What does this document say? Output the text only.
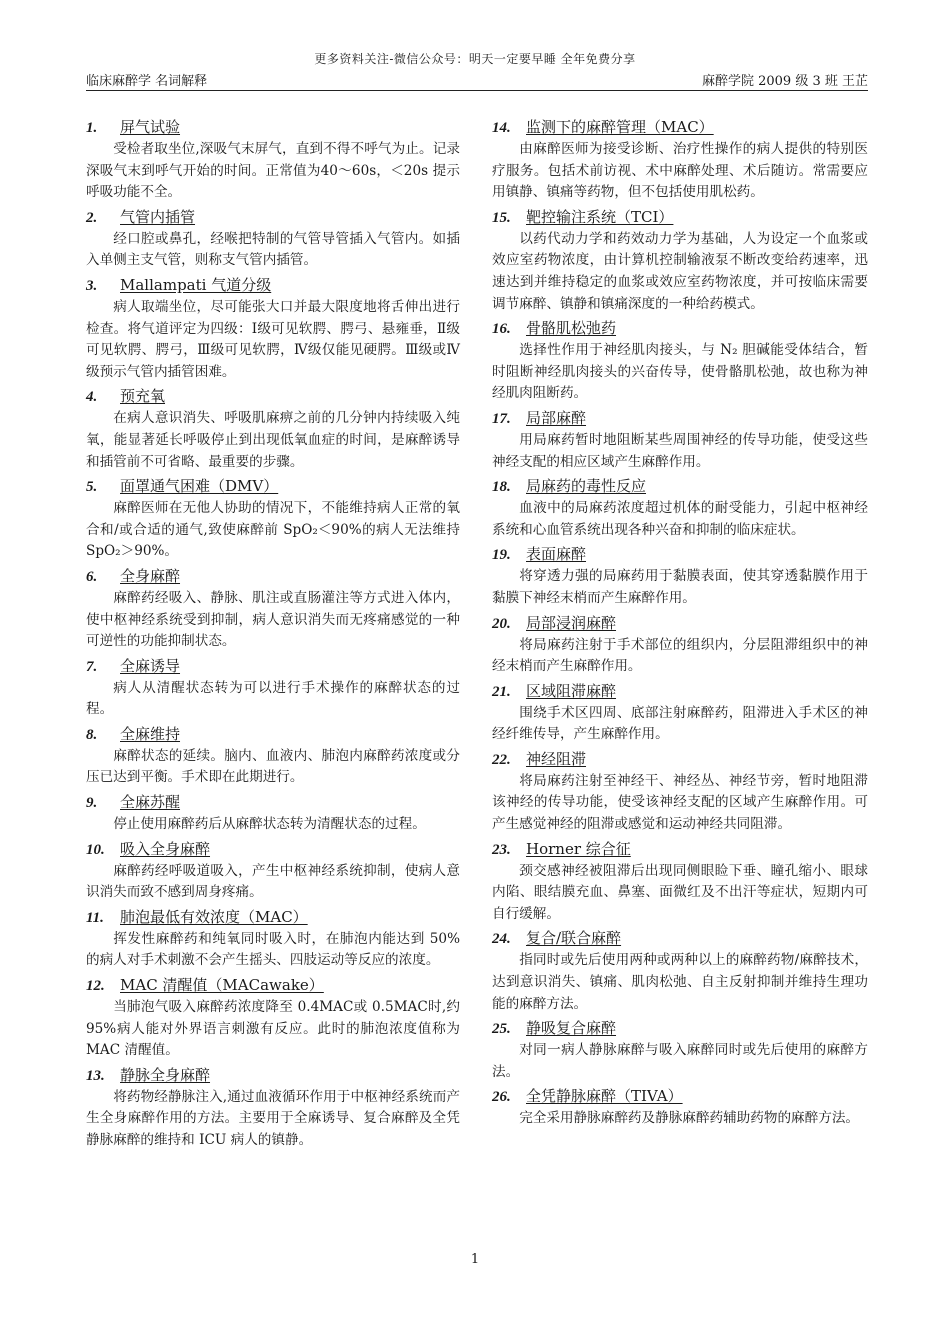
更多资料关注-微信公众号：明天一定要早睡 全年免费分享
临床麻醉学 名词解释	麻醉学院 2009 级 3 班 王芷
1. 屏气试验

受检者取坐位,深吸气末屏气，直到不得不呼气为止。记录深吸气末到呼气开始的时间。正常值为40～60s，＜20s 提示呼吸功能不全。

2. 气管内插管

经口腔或鼻孔，经喉把特制的气管导管插入气管内。如插入单侧主支气管，则称支气管内插管。

3. Mallampati 气道分级

病人取端坐位，尽可能张大口并最大限度地将舌伸出进行检查。将气道评定为四级：Ⅰ级可见软腭、腭弓、悬雍垂，Ⅱ级可见软腭、腭弓，Ⅲ级可见软腭，Ⅳ级仅能见硬腭。Ⅲ级或Ⅳ级预示气管内插管困难。

4. 预充氧

在病人意识消失、呼吸肌麻痹之前的几分钟内持续吸入纯氧，能显著延长呼吸停止到出现低氧血症的时间，是麻醉诱导和插管前不可省略、最重要的步骤。

5. 面罩通气困难（DMV）

麻醉医师在无他人协助的情况下，不能维持病人正常的氧合和/或合适的通气,致使麻醉前 SpO₂＜90%的病人无法维持 SpO₂＞90%。

6. 全身麻醉

麻醉药经吸入、静脉、肌注或直肠灌注等方式进入体内，使中枢神经系统受到抑制，病人意识消失而无疼痛感觉的一种可逆性的功能抑制状态。

7. 全麻诱导

病人从清醒状态转为可以进行手术操作的麻醉状态的过程。

8. 全麻维持

麻醉状态的延续。脑内、血液内、肺泡内麻醉药浓度或分压已达到平衡。手术即在此期进行。

9. 全麻苏醒

停止使用麻醉药后从麻醉状态转为清醒状态的过程。

10. 吸入全身麻醉

麻醉药经呼吸道吸入，产生中枢神经系统抑制，使病人意识消失而致不感到周身疼痛。

11. 肺泡最低有效浓度（MAC）

挥发性麻醉药和纯氧同时吸入时，在肺泡内能达到 50%的病人对手术刺激不会产生摇头、四肢运动等反应的浓度。

12. MAC 清醒值（MACawake）

当肺泡气吸入麻醉药浓度降至 0.4MAC或 0.5MAC时,约 95%病人能对外界语言刺激有反应。此时的肺泡浓度值称为 MAC 清醒值。

13. 静脉全身麻醉

将药物经静脉注入,通过血液循环作用于中枢神经系统而产生全身麻醉作用的方法。主要用于全麻诱导、复合麻醉及全凭静脉麻醉的维持和 ICU 病人的镇静。

14. 监测下的麻醉管理（MAC）

由麻醉医师为接受诊断、治疗性操作的病人提供的特别医疗服务。包括术前访视、术中麻醉处理、术后随访。常需要应用镇静、镇痛等药物，但不包括使用肌松药。

15. 靶控输注系统（TCI）

以药代动力学和药效动力学为基础，人为设定一个血浆或效应室药物浓度，由计算机控制输液泵不断改变给药速率，迅速达到并维持稳定的血浆或效应室药物浓度，并可按临床需要调节麻醉、镇静和镇痛深度的一种给药模式。

16. 骨骼肌松弛药

选择性作用于神经肌肉接头，与 N₂ 胆碱能受体结合，暂时阻断神经肌肉接头的兴奋传导，使骨骼肌松弛，故也称为神经肌肉阻断药。

17. 局部麻醉

用局麻药暂时地阻断某些周围神经的传导功能，使受这些神经支配的相应区域产生麻醉作用。

18. 局麻药的毒性反应

血液中的局麻药浓度超过机体的耐受能力，引起中枢神经系统和心血管系统出现各种兴奋和抑制的临床症状。

19. 表面麻醉

将穿透力强的局麻药用于黏膜表面，使其穿透黏膜作用于黏膜下神经末梢而产生麻醉作用。

20. 局部浸润麻醉

将局麻药注射于手术部位的组织内，分层阻滞组织中的神经末梢而产生麻醉作用。

21. 区域阻滞麻醉

围绕手术区四周、底部注射麻醉药，阻滞进入手术区的神经纤维传导，产生麻醉作用。

22. 神经阻滞

将局麻药注射至神经干、神经丛、神经节旁，暂时地阻滞该神经的传导功能，使受该神经支配的区域产生麻醉作用。可产生感觉神经的阻滞或感觉和运动神经共同阻滞。

23. Horner 综合征

颈交感神经被阻滞后出现同侧眼睑下垂、瞳孔缩小、眼球内陷、眼结膜充血、鼻塞、面微红及不出汗等症状，短期内可自行缓解。

24. 复合/联合麻醉

指同时或先后使用两种或两种以上的麻醉药物/麻醉技术，达到意识消失、镇痛、肌肉松弛、自主反射抑制并维持生理功能的麻醉方法。

25. 静吸复合麻醉

对同一病人静脉麻醉与吸入麻醉同时或先后使用的麻醉方法。

26. 全凭静脉麻醉（TIVA）

完全采用静脉麻醉药及静脉麻醉药辅助药物的麻醉方法。

1
